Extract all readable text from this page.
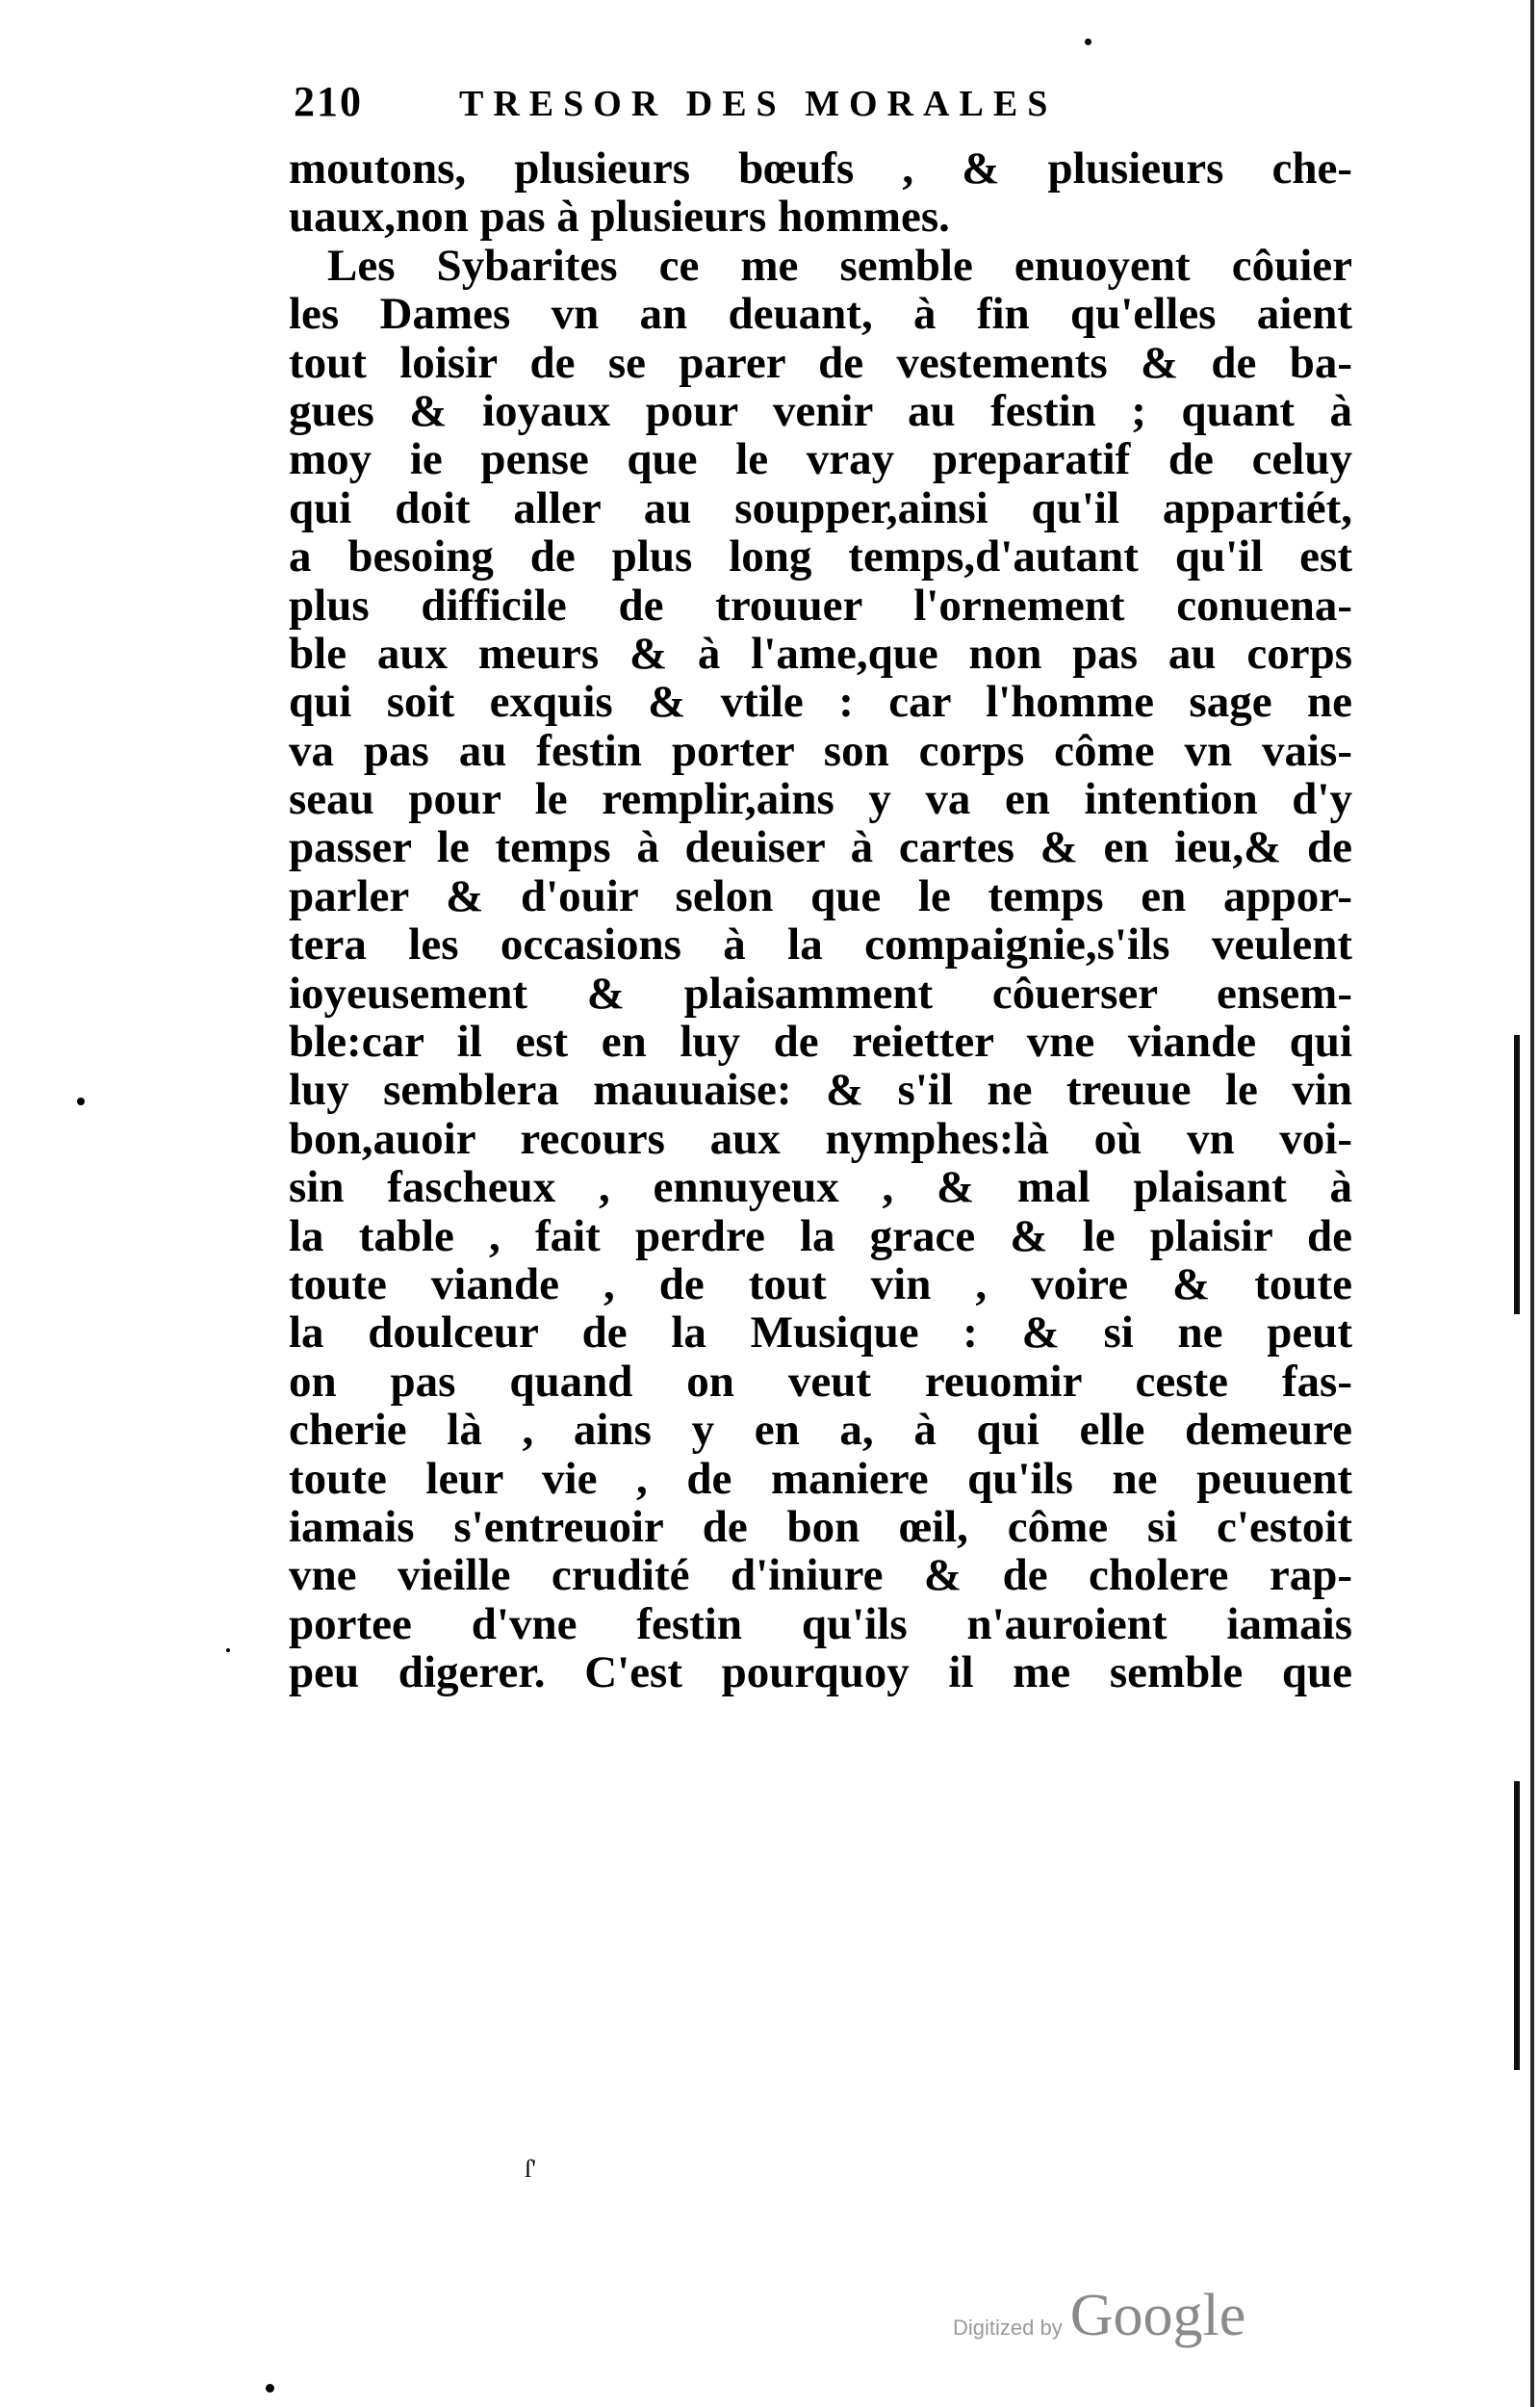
210	TRESOR DES MORALES
moutons, plusieurs bœufs , & plusieurs che-
uaux,non pas à plusieurs hommes.
Les Sybarites ce me semble enuoyent côuier
les Dames vn an deuant, à fin qu'elles aient
tout loisir de se parer de vestements & de ba-
gues & ioyaux pour venir au festin ; quant à
moy ie pense que le vray preparatif de celuy
qui doit aller au soupper,ainsi qu'il appartiét,
a besoing de plus long temps,d'autant qu'il est
plus difficile de trouuer l'ornement conuena-
ble aux meurs & à l'ame,que non pas au corps
qui soit exquis & vtile : car l'homme sage ne
va pas au festin porter son corps côme vn vais-
seau pour le remplir,ains y va en intention d'y
passer le temps à deuiser à cartes & en ieu,& de
parler & d'ouir selon que le temps en appor-
tera les occasions à la compaignie,s'ils veulent
ioyeusement & plaisamment côuerser ensem-
ble:car il est en luy de reietter vne viande qui
luy semblera mauuaise: & s'il ne treuue le vin
bon,auoir recours aux nymphes:là où vn voi-
sin fascheux , ennuyeux , & mal plaisant à
la table , fait perdre la grace & le plaisir de
toute viande , de tout vin , voire & toute
la doulceur de la Musique : & si ne peut
on pas quand on veut reuomir ceste fas-
cherie là , ains y en a, à qui elle demeure
toute leur vie , de maniere qu'ils ne peuuent
iamais s'entreuoir de bon œil, côme si c'estoit
vne vieille crudité d'iniure & de cholere rap-
portee d'vne festin qu'ils n'auroient iamais
peu digerer. C'est pourquoy il me semble que
ſ'
Digitized by Google
